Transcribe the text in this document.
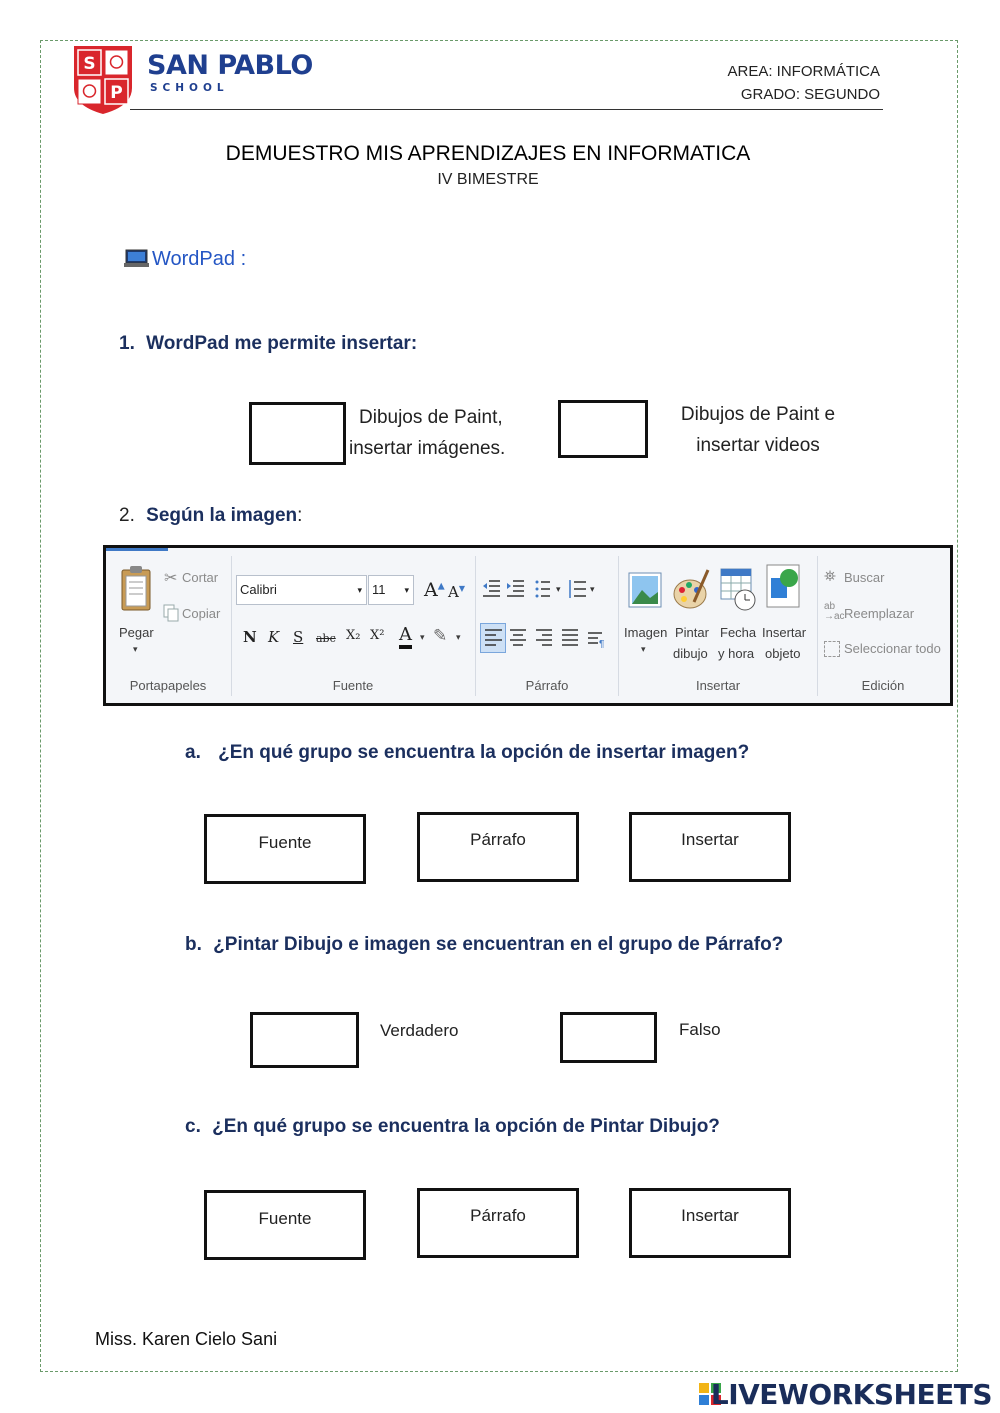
S
P
SAN PABLO
SCHOOL
AREA: INFORMÁTICA
GRADO: SEGUNDO
DEMUESTRO MIS APRENDIZAJES EN INFORMATICA
IV BIMESTRE
WordPad :
1. WordPad me permite insertar:
Dibujos de Paint,
insertar imágenes.
Dibujos de Paint e
insertar videos
2. Según la imagen:
Pegar
▾
✂ Cortar
Copiar
Portapapeles
Calibri	▾ 11 ▾ A▲ A▼
N K S abc X₂ X² A ▾ ✎ ▾
Fuente
▾	▾
¶
Párrafo
Imagen
▾
Pintar
dibujo
Fecha
y hora
Insertar
objeto
Insertar
⛯ Buscar
ab
→ac Reemplazar
Seleccionar todo
Edición
a. ¿En qué grupo se encuentra la opción de insertar imagen?
Fuente	Párrafo	Insertar
b. ¿Pintar Dibujo e imagen se encuentran en el grupo de Párrafo?
Verdadero	Falso
c. ¿En qué grupo se encuentra la opción de Pintar Dibujo?
Fuente	Párrafo	Insertar
Miss. Karen Cielo Sani
LIVEWORKSHEETS
